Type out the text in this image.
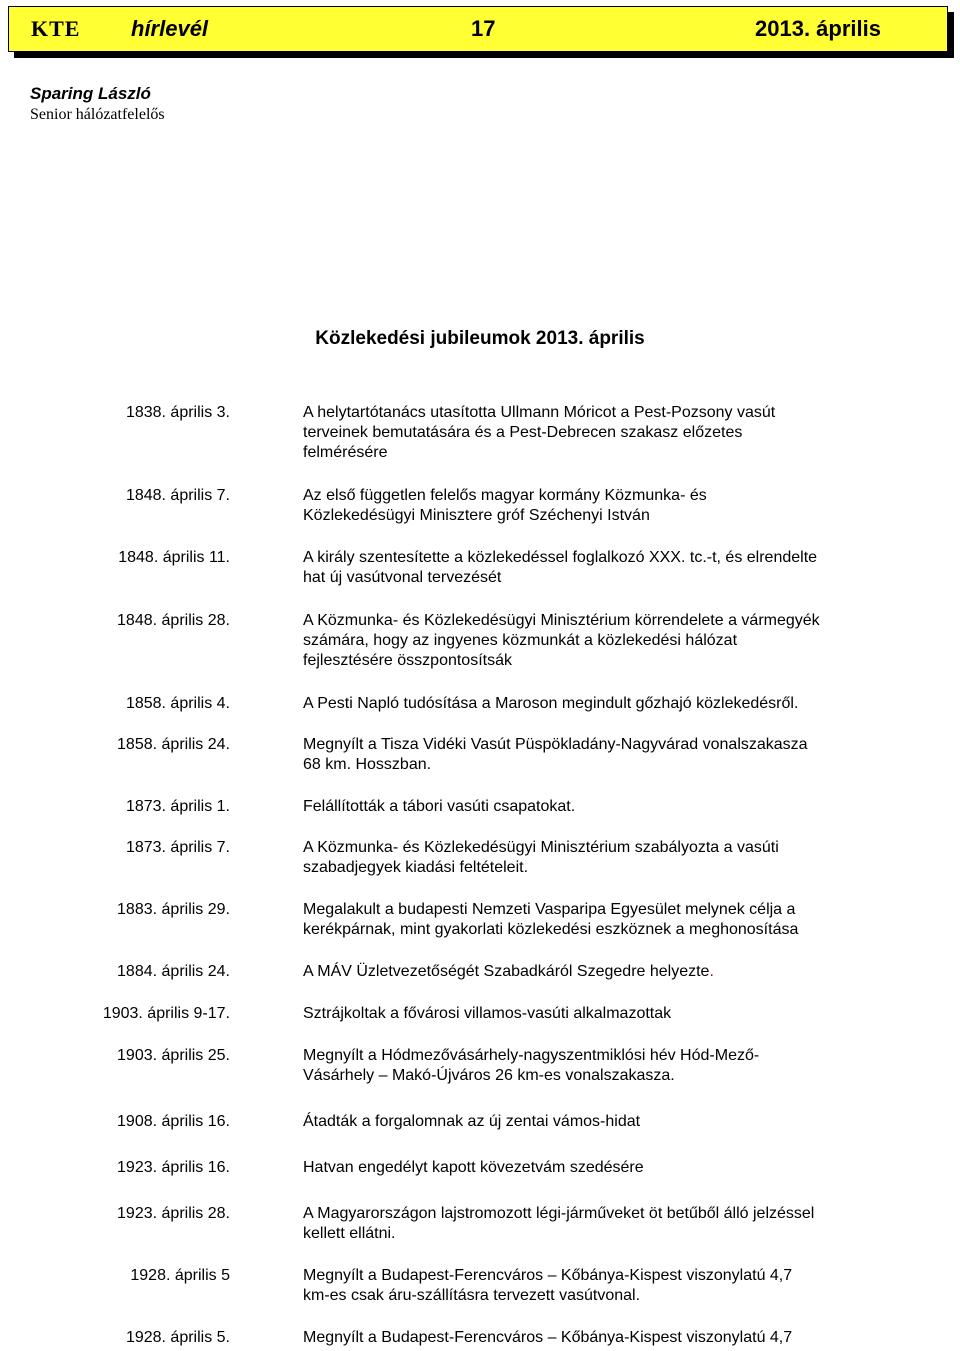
KTE hírlevél	17	2013. április
Sparing László
Senior hálózatfelelős
Közlekedési jubileumok 2013. április
1838. április 3.	A helytartótanács utasította Ullmann Móricot a Pest-Pozsony vasút
terveinek bemutatására és a Pest-Debrecen szakasz előzetes
felmérésére
1848. április 7.	Az első független felelős magyar kormány Közmunka- és
Közlekedésügyi Minisztere gróf Széchenyi István
1848. április 11.	A király szentesítette a közlekedéssel foglalkozó XXX. tc.-t, és elrendelte
hat új vasútvonal tervezését
1848. április 28.	A Közmunka- és Közlekedésügyi Minisztérium körrendelete a vármegyék
számára, hogy az ingyenes közmunkát a közlekedési hálózat
fejlesztésére összpontosítsák
1858. április 4.	A Pesti Napló tudósítása a Maroson megindult gőzhajó közlekedésről.
1858. április 24.	Megnyílt a Tisza Vidéki Vasút Püspökladány-Nagyvárad vonalszakasza
68 km. Hosszban.
1873. április 1.	Felállították a tábori vasúti csapatokat.
1873. április 7.	A Közmunka- és Közlekedésügyi Minisztérium szabályozta a vasúti
szabadjegyek kiadási feltételeit.
1883. április 29.	Megalakult a budapesti Nemzeti Vasparipa Egyesület melynek célja a
kerékpárnak, mint gyakorlati közlekedési eszköznek a meghonosítása
1884. április 24.	A MÁV Üzletvezetőségét Szabadkáról Szegedre helyezte.
1903. április 9-17.	Sztrájkoltak a fővárosi villamos-vasúti alkalmazottak
1903. április 25.	Megnyílt a Hódmezővásárhely-nagyszentmiklósi hév Hód-Mező-
Vásárhely – Makó-Újváros 26 km-es vonalszakasza.
1908. április 16.	Átadták a forgalomnak az új zentai vámos-hidat
1923. április 16.	Hatvan engedélyt kapott kövezetvám szedésére
1923. április 28.	A Magyarországon lajstromozott légi-járműveket öt betűből álló jelzéssel
kellett ellátni.
1928. április 5	Megnyílt a Budapest-Ferencváros – Kőbánya-Kispest viszonylatú 4,7
km-es csak áru-szállításra tervezett vasútvonal.
1928. április 5.	Megnyílt a Budapest-Ferencváros – Kőbánya-Kispest viszonylatú 4,7
